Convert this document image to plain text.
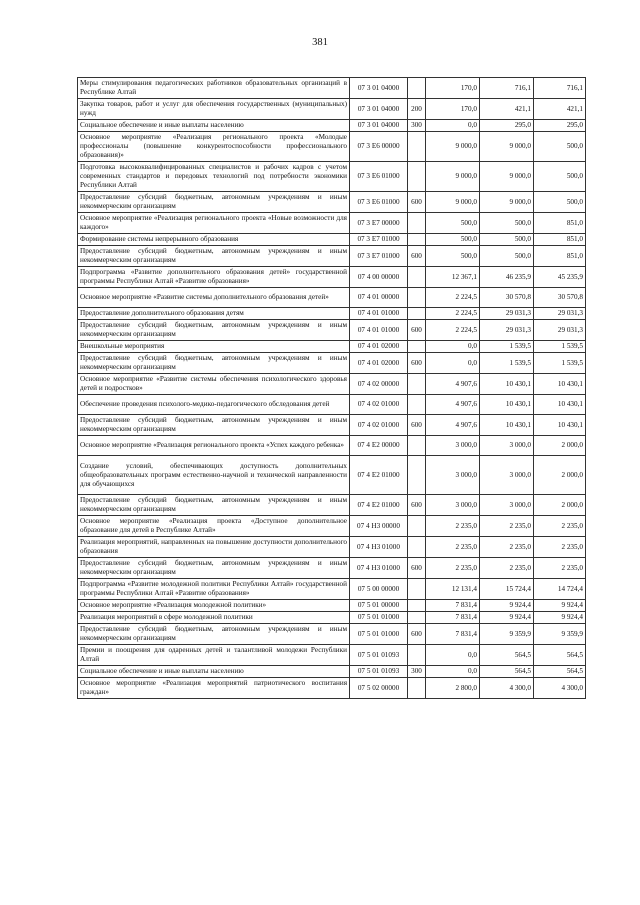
381
Меры стимулирования педагогических работников образовательных организаций в Республике Алтай	07 3 01 04000		170,0	716,1	716,1
Закупка товаров, работ и услуг для обеспечения государственных (муниципальных) нужд	07 3 01 04000	200	170,0	421,1	421,1
Социальное обеспечение и иные выплаты населению	07 3 01 04000	300	0,0	295,0	295,0
Основное мероприятие «Реализация регионального проекта «Молодые профессионалы (повышение конкурентоспособности профессионального образования)»	07 3 E6 00000		9 000,0	9 000,0	500,0
Подготовка высококвалифицированных специалистов и рабочих кадров с учетом современных стандартов и передовых технологий под потребности экономики Республики Алтай	07 3 E6 01000		9 000,0	9 000,0	500,0
Предоставление субсидий бюджетным, автономным учреждениям и иным некоммерческим организациям	07 3 E6 01000	600	9 000,0	9 000,0	500,0
Основное мероприятие «Реализация регионального проекта «Новые возможности для каждого»	07 3 E7 00000		500,0	500,0	851,0
Формирование системы непрерывного образования	07 3 E7 01000		500,0	500,0	851,0
Предоставление субсидий бюджетным, автономным учреждениям и иным некоммерческим организациям	07 3 E7 01000	600	500,0	500,0	851,0
Подпрограмма «Развитие дополнительного образования детей» государственной программы Республики Алтай «Развитие образования»	07 4 00 00000		12 367,1	46 235,9	45 235,9
Основное мероприятие «Развитие системы дополнительного образования детей»	07 4 01 00000		2 224,5	30 570,8	30 570,8
Предоставление дополнительного образования детям	07 4 01 01000		2 224,5	29 031,3	29 031,3
Предоставление субсидий бюджетным, автономным учреждениям и иным некоммерческим организациям	07 4 01 01000	600	2 224,5	29 031,3	29 031,3
Внешкольные мероприятия	07 4 01 02000		0,0	1 539,5	1 539,5
Предоставление субсидий бюджетным, автономным учреждениям и иным некоммерческим организациям	07 4 01 02000	600	0,0	1 539,5	1 539,5
Основное мероприятие «Развитие системы обеспечения психологического здоровья детей и подростков»	07 4 02 00000		4 907,6	10 430,1	10 430,1
Обеспечение проведения психолого-медико-педагогического обследования детей	07 4 02 01000		4 907,6	10 430,1	10 430,1
Предоставление субсидий бюджетным, автономным учреждениям и иным некоммерческим организациям	07 4 02 01000	600	4 907,6	10 430,1	10 430,1
Основное мероприятие «Реализация регионального проекта «Успех каждого ребенка»	07 4 E2 00000		3 000,0	3 000,0	2 000,0
Создание условий, обеспечивающих доступность дополнительных общеобразовательных программ естественно-научной и технической направленности для обучающихся	07 4 E2 01000		3 000,0	3 000,0	2 000,0
Предоставление субсидий бюджетным, автономным учреждениям и иным некоммерческим организациям	07 4 E2 01000	600	3 000,0	3 000,0	2 000,0
Основное мероприятие «Реализация проекта «Доступное дополнительное образование для детей в Республике Алтай»	07 4 Н3 00000		2 235,0	2 235,0	2 235,0
Реализация мероприятий, направленных на повышение доступности дополнительного образования	07 4 Н3 01000		2 235,0	2 235,0	2 235,0
Предоставление субсидий бюджетным, автономным учреждениям и иным некоммерческим организациям	07 4 Н3 01000	600	2 235,0	2 235,0	2 235,0
Подпрограмма «Развитие молодежной политики Республики Алтай» государственной программы Республики Алтай «Развитие образования»	07 5 00 00000		12 131,4	15 724,4	14 724,4
Основное мероприятие «Реализация молодежной политики»	07 5 01 00000		7 831,4	9 924,4	9 924,4
Реализация мероприятий в сфере молодежной политики	07 5 01 01000		7 831,4	9 924,4	9 924,4
Предоставление субсидий бюджетным, автономным учреждениям и иным некоммерческим организациям	07 5 01 01000	600	7 831,4	9 359,9	9 359,9
Премии и поощрения для одаренных детей и талантливой молодежи Республики Алтай	07 5 01 01093		0,0	564,5	564,5
Социальное обеспечение и иные выплаты населению	07 5 01 01093	300	0,0	564,5	564,5
Основное мероприятие «Реализация мероприятий патриотического воспитания граждан»	07 5 02 00000		2 800,0	4 300,0	4 300,0
